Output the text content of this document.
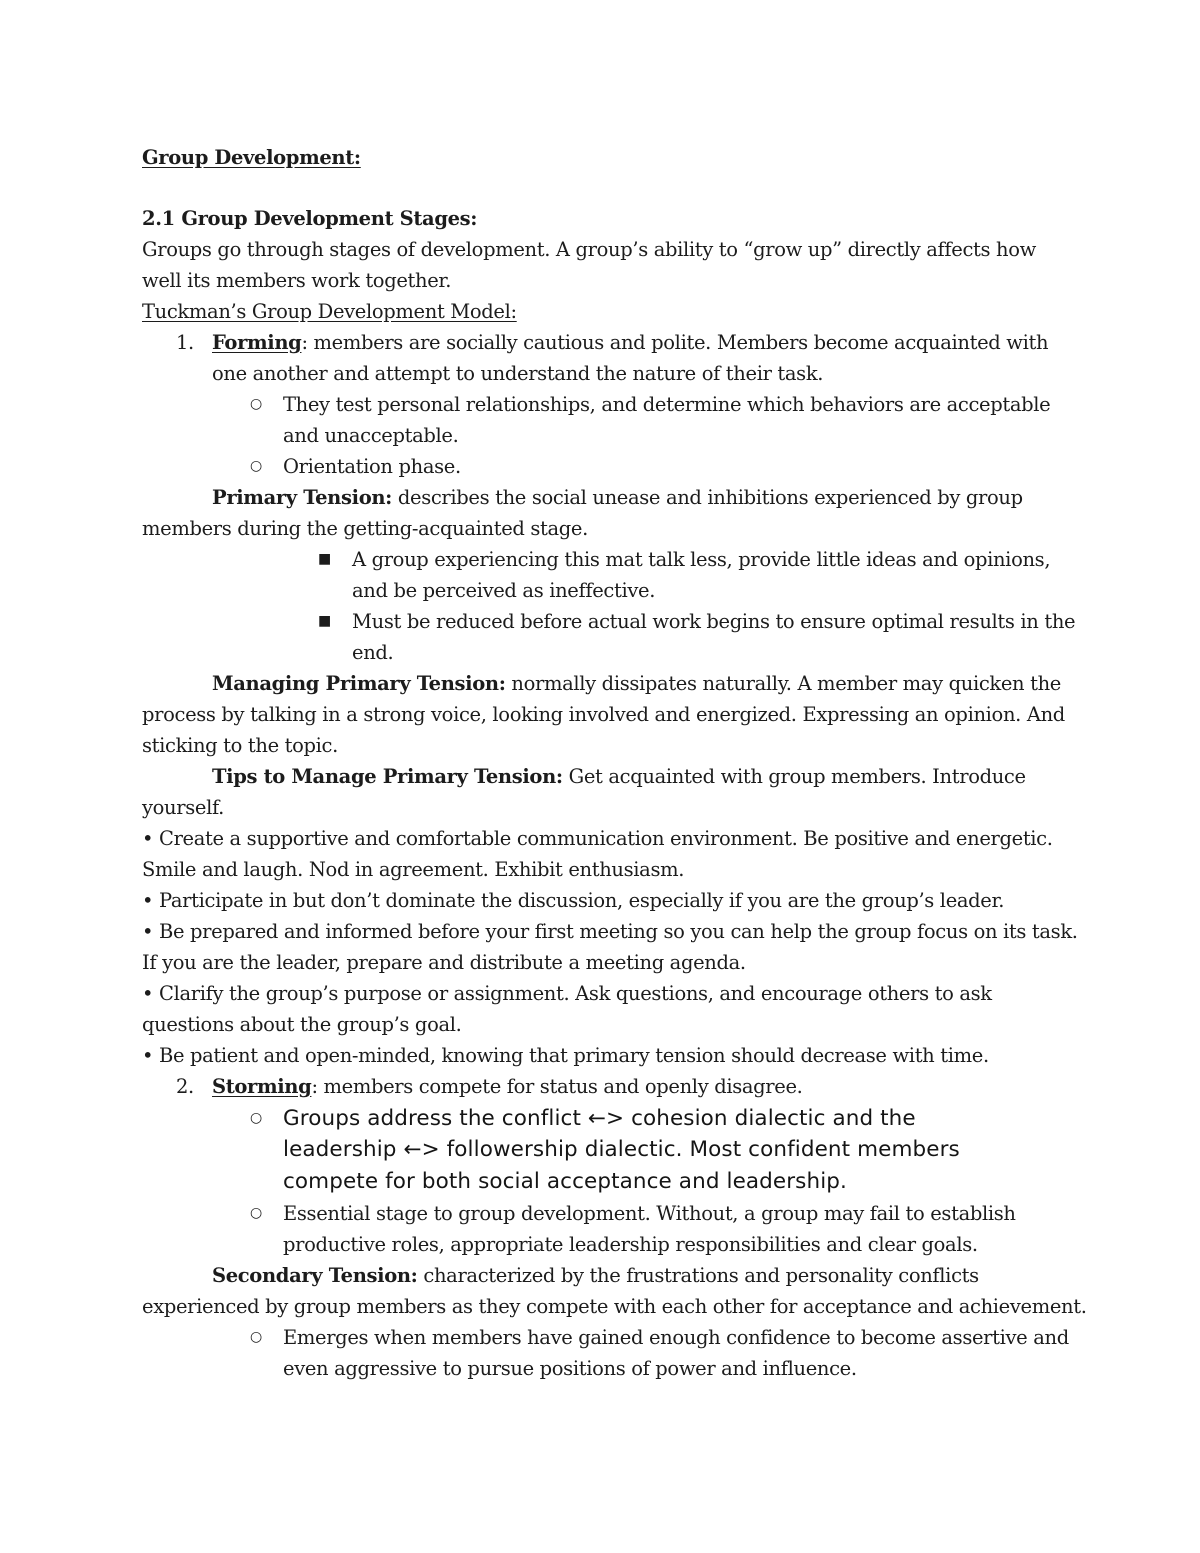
Group Development:
2.1 Group Development Stages:
Groups go through stages of development. A group’s ability to “grow up” directly affects how
well its members work together.
Tuckman’s Group Development Model:
1. Forming: members are socially cautious and polite. Members become acquainted with
one another and attempt to understand the nature of their task.
○ They test personal relationships, and determine which behaviors are acceptable
and unacceptable.
○ Orientation phase.
Primary Tension: describes the social unease and inhibitions experienced by group
members during the getting-acquainted stage.
■ A group experiencing this mat talk less, provide little ideas and opinions,
and be perceived as ineffective.
■ Must be reduced before actual work begins to ensure optimal results in the
end.
Managing Primary Tension: normally dissipates naturally. A member may quicken the
process by talking in a strong voice, looking involved and energized. Expressing an opinion. And
sticking to the topic.
Tips to Manage Primary Tension: Get acquainted with group members. Introduce
yourself.
• Create a supportive and comfortable communication environment. Be positive and energetic.
Smile and laugh. Nod in agreement. Exhibit enthusiasm.
• Participate in but don’t dominate the discussion, especially if you are the group’s leader.
• Be prepared and informed before your first meeting so you can help the group focus on its task.
If you are the leader, prepare and distribute a meeting agenda.
• Clarify the group’s purpose or assignment. Ask questions, and encourage others to ask
questions about the group’s goal.
• Be patient and open-minded, knowing that primary tension should decrease with time.
2. Storming: members compete for status and openly disagree.
○ Groups address the conflict ←> cohesion dialectic and the
leadership ←> followership dialectic. Most confident members
compete for both social acceptance and leadership.
○ Essential stage to group development. Without, a group may fail to establish
productive roles, appropriate leadership responsibilities and clear goals.
Secondary Tension: characterized by the frustrations and personality conflicts
experienced by group members as they compete with each other for acceptance and achievement.
○ Emerges when members have gained enough confidence to become assertive and
even aggressive to pursue positions of power and influence.
